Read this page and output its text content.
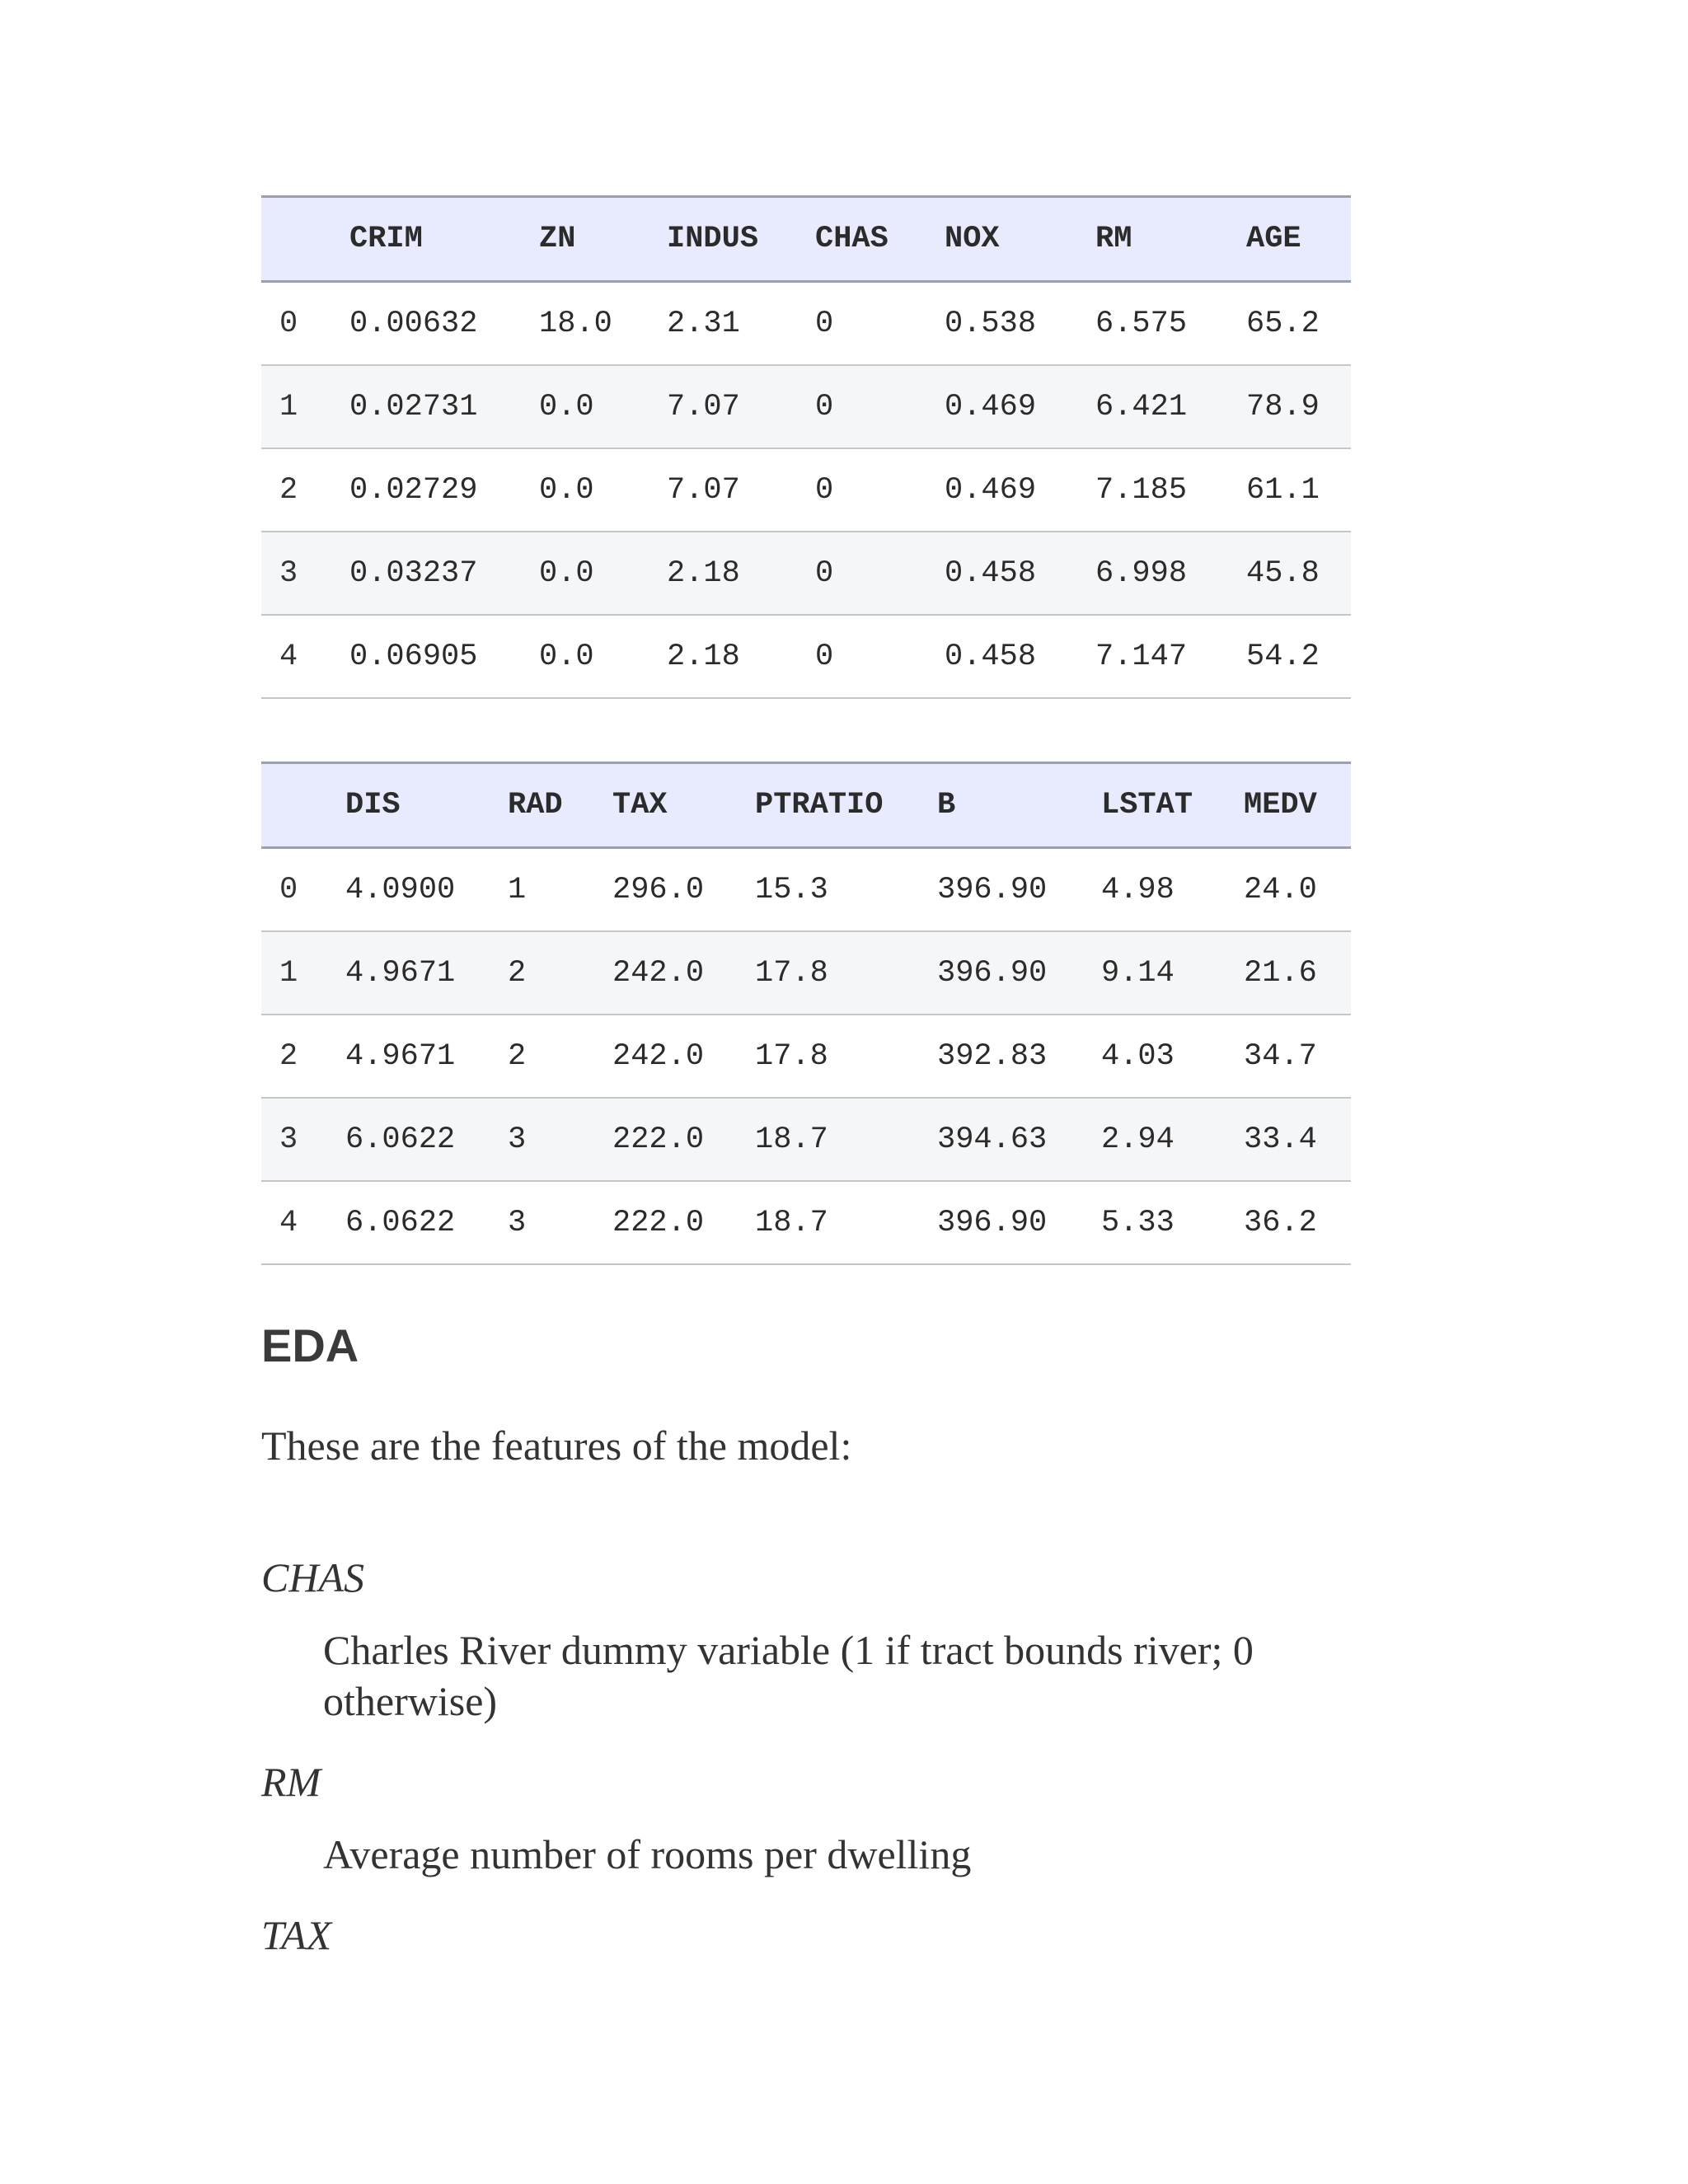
	CRIM	ZN	INDUS	CHAS	NOX	RM	AGE
0	0.00632	18.0	2.31	0	0.538	6.575	65.2
1	0.02731	0.0	7.07	0	0.469	6.421	78.9
2	0.02729	0.0	7.07	0	0.469	7.185	61.1
3	0.03237	0.0	2.18	0	0.458	6.998	45.8
4	0.06905	0.0	2.18	0	0.458	7.147	54.2
	DIS	RAD	TAX	PTRATIO	B	LSTAT	MEDV
0	4.0900	1	296.0	15.3	396.90	4.98	24.0
1	4.9671	2	242.0	17.8	396.90	9.14	21.6
2	4.9671	2	242.0	17.8	392.83	4.03	34.7
3	6.0622	3	222.0	18.7	394.63	2.94	33.4
4	6.0622	3	222.0	18.7	396.90	5.33	36.2
EDA

These are the features of the model:

CHAS
Charles River dummy variable (1 if tract bounds river; 0 otherwise)
RM
Average number of rooms per dwelling
TAX
